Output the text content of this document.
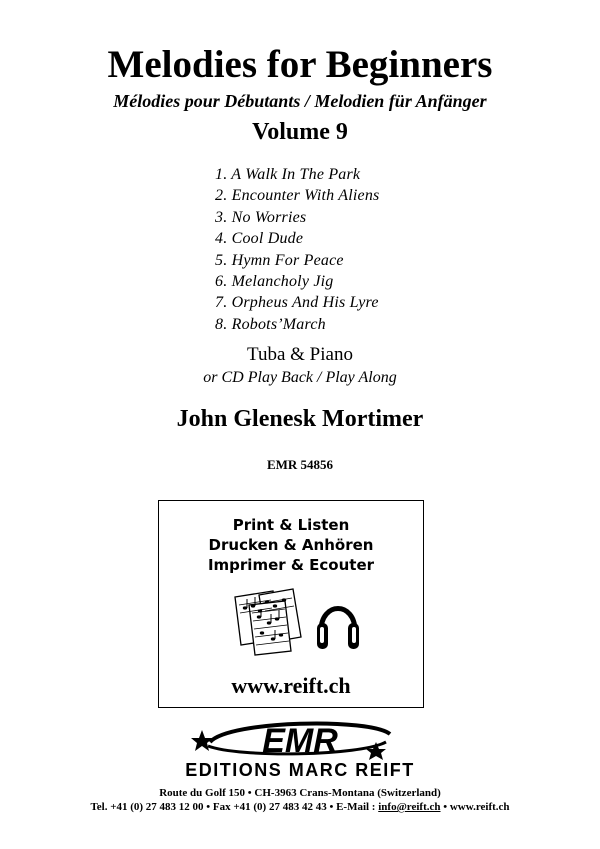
Melodies for Beginners
Mélodies pour Débutants / Melodien für Anfänger
Volume 9
1. A Walk In The Park
2. Encounter With Aliens
3. No Worries
4. Cool Dude
5. Hymn For Peace
6. Melancholy Jig
7. Orpheus And His Lyre
8. Robots’March
Tuba & Piano
or CD Play Back / Play Along
John Glenesk Mortimer
EMR 54856
Print & Listen
Drucken & Anhören
Imprimer & Ecouter
www.reift.ch
EMR
EDITIONS MARC REIFT
Route du Golf 150 • CH-3963 Crans-Montana (Switzerland)
Tel. +41 (0) 27 483 12 00 • Fax +41 (0) 27 483 42 43 • E-Mail : info@reift.ch • www.reift.ch
